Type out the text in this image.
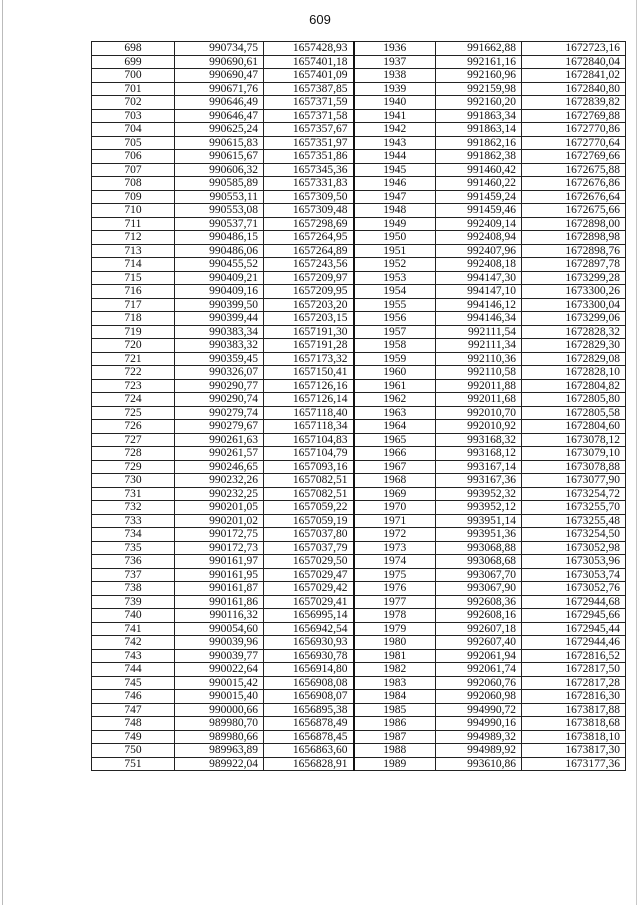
609
698	990734,75	1657428,93	1936	991662,88	1672723,16
699	990690,61	1657401,18	1937	992161,16	1672840,04
700	990690,47	1657401,09	1938	992160,96	1672841,02
701	990671,76	1657387,85	1939	992159,98	1672840,80
702	990646,49	1657371,59	1940	992160,20	1672839,82
703	990646,47	1657371,58	1941	991863,34	1672769,88
704	990625,24	1657357,67	1942	991863,14	1672770,86
705	990615,83	1657351,97	1943	991862,16	1672770,64
706	990615,67	1657351,86	1944	991862,38	1672769,66
707	990606,32	1657345,36	1945	991460,42	1672675,88
708	990585,89	1657331,83	1946	991460,22	1672676,86
709	990553,11	1657309,50	1947	991459,24	1672676,64
710	990553,08	1657309,48	1948	991459,46	1672675,66
711	990537,71	1657298,69	1949	992409,14	1672898,00
712	990486,15	1657264,95	1950	992408,94	1672898,98
713	990486,06	1657264,89	1951	992407,96	1672898,76
714	990455,52	1657243,56	1952	992408,18	1672897,78
715	990409,21	1657209,97	1953	994147,30	1673299,28
716	990409,16	1657209,95	1954	994147,10	1673300,26
717	990399,50	1657203,20	1955	994146,12	1673300,04
718	990399,44	1657203,15	1956	994146,34	1673299,06
719	990383,34	1657191,30	1957	992111,54	1672828,32
720	990383,32	1657191,28	1958	992111,34	1672829,30
721	990359,45	1657173,32	1959	992110,36	1672829,08
722	990326,07	1657150,41	1960	992110,58	1672828,10
723	990290,77	1657126,16	1961	992011,88	1672804,82
724	990290,74	1657126,14	1962	992011,68	1672805,80
725	990279,74	1657118,40	1963	992010,70	1672805,58
726	990279,67	1657118,34	1964	992010,92	1672804,60
727	990261,63	1657104,83	1965	993168,32	1673078,12
728	990261,57	1657104,79	1966	993168,12	1673079,10
729	990246,65	1657093,16	1967	993167,14	1673078,88
730	990232,26	1657082,51	1968	993167,36	1673077,90
731	990232,25	1657082,51	1969	993952,32	1673254,72
732	990201,05	1657059,22	1970	993952,12	1673255,70
733	990201,02	1657059,19	1971	993951,14	1673255,48
734	990172,75	1657037,80	1972	993951,36	1673254,50
735	990172,73	1657037,79	1973	993068,88	1673052,98
736	990161,97	1657029,50	1974	993068,68	1673053,96
737	990161,95	1657029,47	1975	993067,70	1673053,74
738	990161,87	1657029,42	1976	993067,90	1673052,76
739	990161,86	1657029,41	1977	992608,36	1672944,68
740	990116,32	1656995,14	1978	992608,16	1672945,66
741	990054,60	1656942,54	1979	992607,18	1672945,44
742	990039,96	1656930,93	1980	992607,40	1672944,46
743	990039,77	1656930,78	1981	992061,94	1672816,52
744	990022,64	1656914,80	1982	992061,74	1672817,50
745	990015,42	1656908,08	1983	992060,76	1672817,28
746	990015,40	1656908,07	1984	992060,98	1672816,30
747	990000,66	1656895,38	1985	994990,72	1673817,88
748	989980,70	1656878,49	1986	994990,16	1673818,68
749	989980,66	1656878,45	1987	994989,32	1673818,10
750	989963,89	1656863,60	1988	994989,92	1673817,30
751	989922,04	1656828,91	1989	993610,86	1673177,36
